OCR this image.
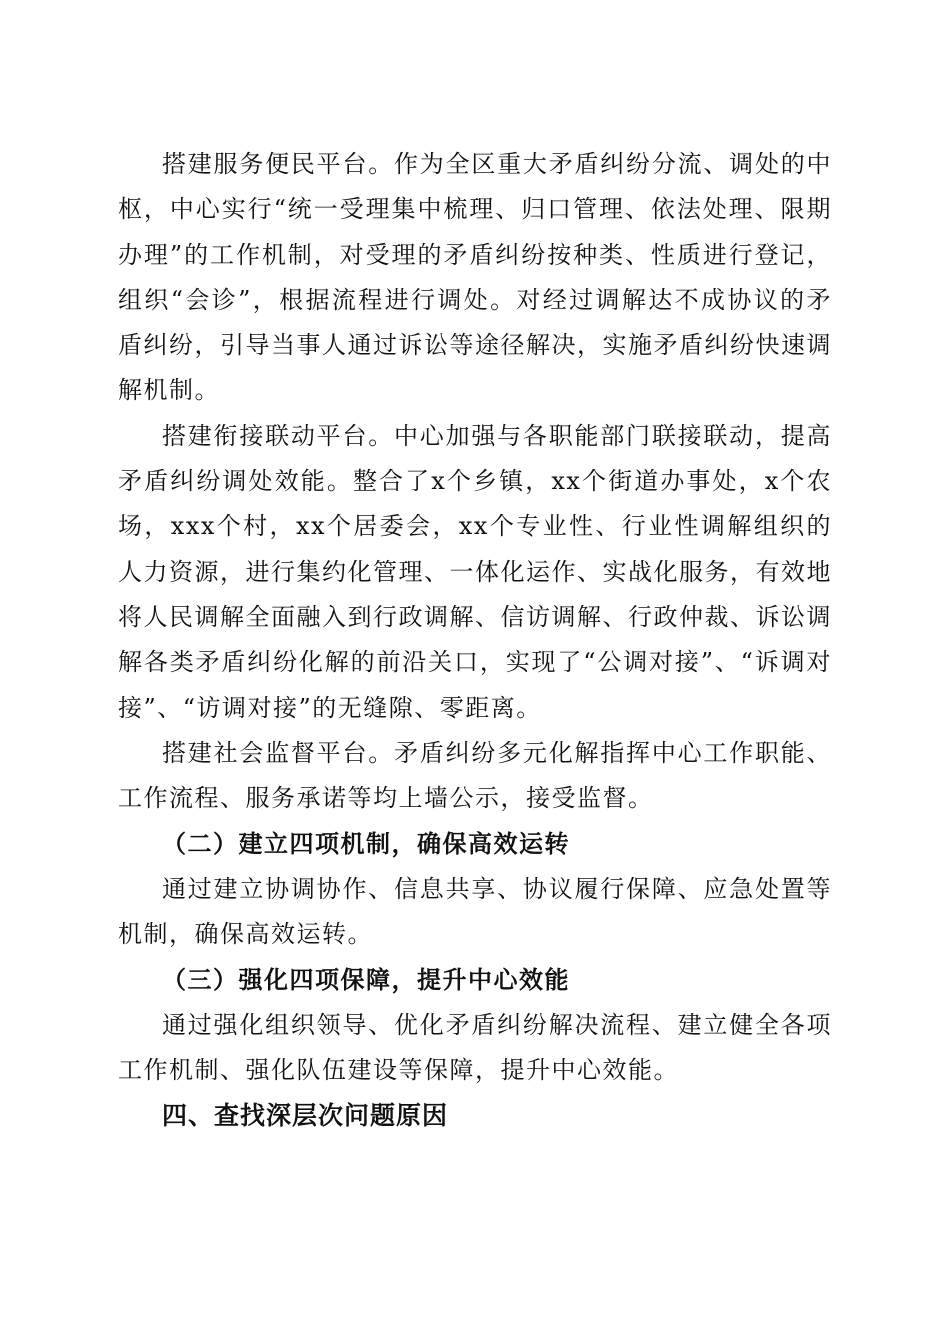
搭建服务便民平台。作为全区重大矛盾纠纷分流、调处的中枢，中心实行“统一受理集中梳理、归口管理、依法处理、限期办理”的工作机制，对受理的矛盾纠纷按种类、性质进行登记，组织“会诊”，根据流程进行调处。对经过调解达不成协议的矛盾纠纷，引导当事人通过诉讼等途径解决，实施矛盾纠纷快速调解机制。

搭建衔接联动平台。中心加强与各职能部门联接联动，提高矛盾纠纷调处效能。整合了x个乡镇，xx个街道办事处，x个农场，xxx个村，xx个居委会，xx个专业性、行业性调解组织的人力资源，进行集约化管理、一体化运作、实战化服务，有效地将人民调解全面融入到行政调解、信访调解、行政仲裁、诉讼调解各类矛盾纠纷化解的前沿关口，实现了“公调对接”、“诉调对接”、“访调对接”的无缝隙、零距离。

搭建社会监督平台。矛盾纠纷多元化解指挥中心工作职能、工作流程、服务承诺等均上墙公示，接受监督。

（二）建立四项机制，确保高效运转

通过建立协调协作、信息共享、协议履行保障、应急处置等机制，确保高效运转。

（三）强化四项保障，提升中心效能

通过强化组织领导、优化矛盾纠纷解决流程、建立健全各项工作机制、强化队伍建设等保障，提升中心效能。

四、查找深层次问题原因
